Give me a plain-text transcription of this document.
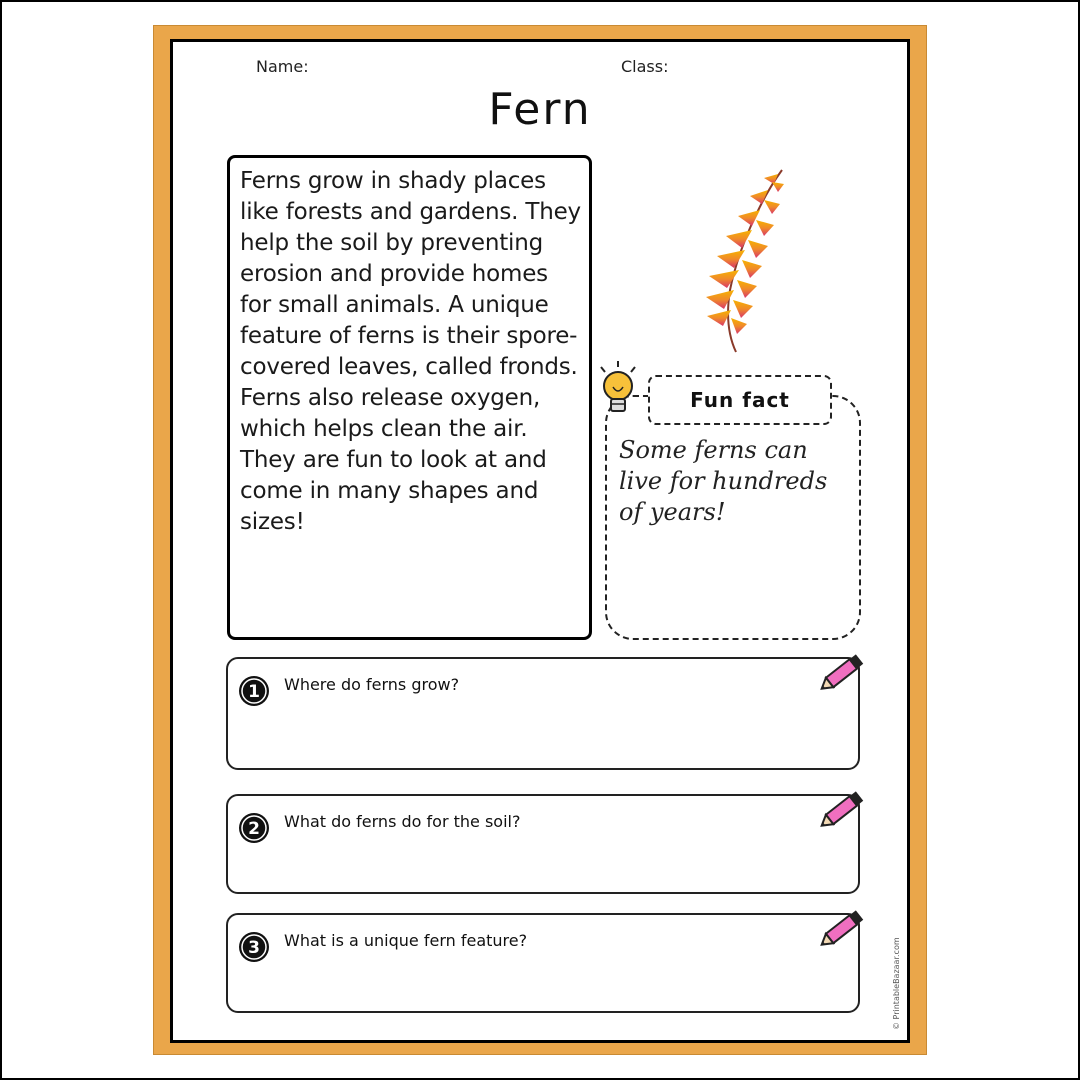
Name:	Class:
Fern
Ferns grow in shady places like forests and gardens. They help the soil by preventing erosion and provide homes for small animals. A unique feature of ferns is their spore-covered leaves, called fronds. Ferns also release oxygen, which helps clean the air. They are fun to look at and come in many shapes and sizes!
Fun fact
Some ferns can live for hundreds of years!
1 Where do ferns grow?
2 What do ferns do for the soil?
3 What is a unique fern feature?	© PrintableBazaar.com
